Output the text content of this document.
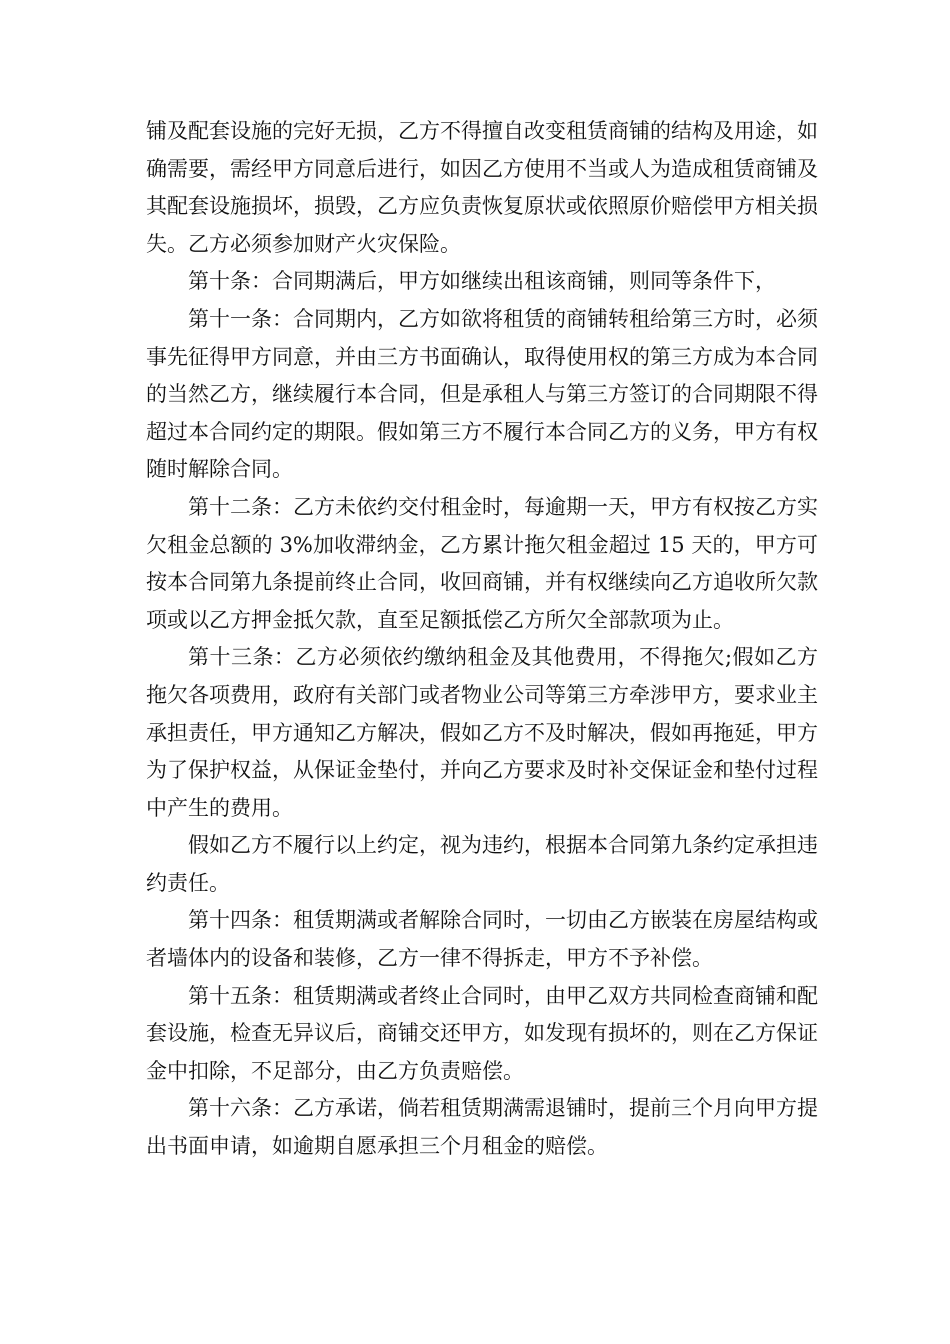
铺及配套设施的完好无损，乙方不得擅自改变租赁商铺的结构及用途，如确需要，需经甲方同意后进行，如因乙方使用不当或人为造成租赁商铺及其配套设施损坏，损毁，乙方应负责恢复原状或依照原价赔偿甲方相关损失。乙方必须参加财产火灾保险。

第十条：合同期满后，甲方如继续出租该商铺，则同等条件下，

第十一条：合同期内，乙方如欲将租赁的商铺转租给第三方时，必须事先征得甲方同意，并由三方书面确认，取得使用权的第三方成为本合同的当然乙方，继续履行本合同，但是承租人与第三方签订的合同期限不得超过本合同约定的期限。假如第三方不履行本合同乙方的义务，甲方有权随时解除合同。

第十二条：乙方未依约交付租金时，每逾期一天，甲方有权按乙方实欠租金总额的 3%加收滞纳金，乙方累计拖欠租金超过 15 天的，甲方可按本合同第九条提前终止合同，收回商铺，并有权继续向乙方追收所欠款项或以乙方押金抵欠款，直至足额抵偿乙方所欠全部款项为止。

第十三条：乙方必须依约缴纳租金及其他费用，不得拖欠;假如乙方拖欠各项费用，政府有关部门或者物业公司等第三方牵涉甲方，要求业主承担责任，甲方通知乙方解决，假如乙方不及时解决，假如再拖延，甲方为了保护权益，从保证金垫付，并向乙方要求及时补交保证金和垫付过程中产生的费用。

假如乙方不履行以上约定，视为违约，根据本合同第九条约定承担违约责任。

第十四条：租赁期满或者解除合同时，一切由乙方嵌装在房屋结构或者墙体内的设备和装修，乙方一律不得拆走，甲方不予补偿。

第十五条：租赁期满或者终止合同时，由甲乙双方共同检查商铺和配套设施，检查无异议后，商铺交还甲方，如发现有损坏的，则在乙方保证金中扣除，不足部分，由乙方负责赔偿。

第十六条：乙方承诺，倘若租赁期满需退铺时，提前三个月向甲方提出书面申请，如逾期自愿承担三个月租金的赔偿。
